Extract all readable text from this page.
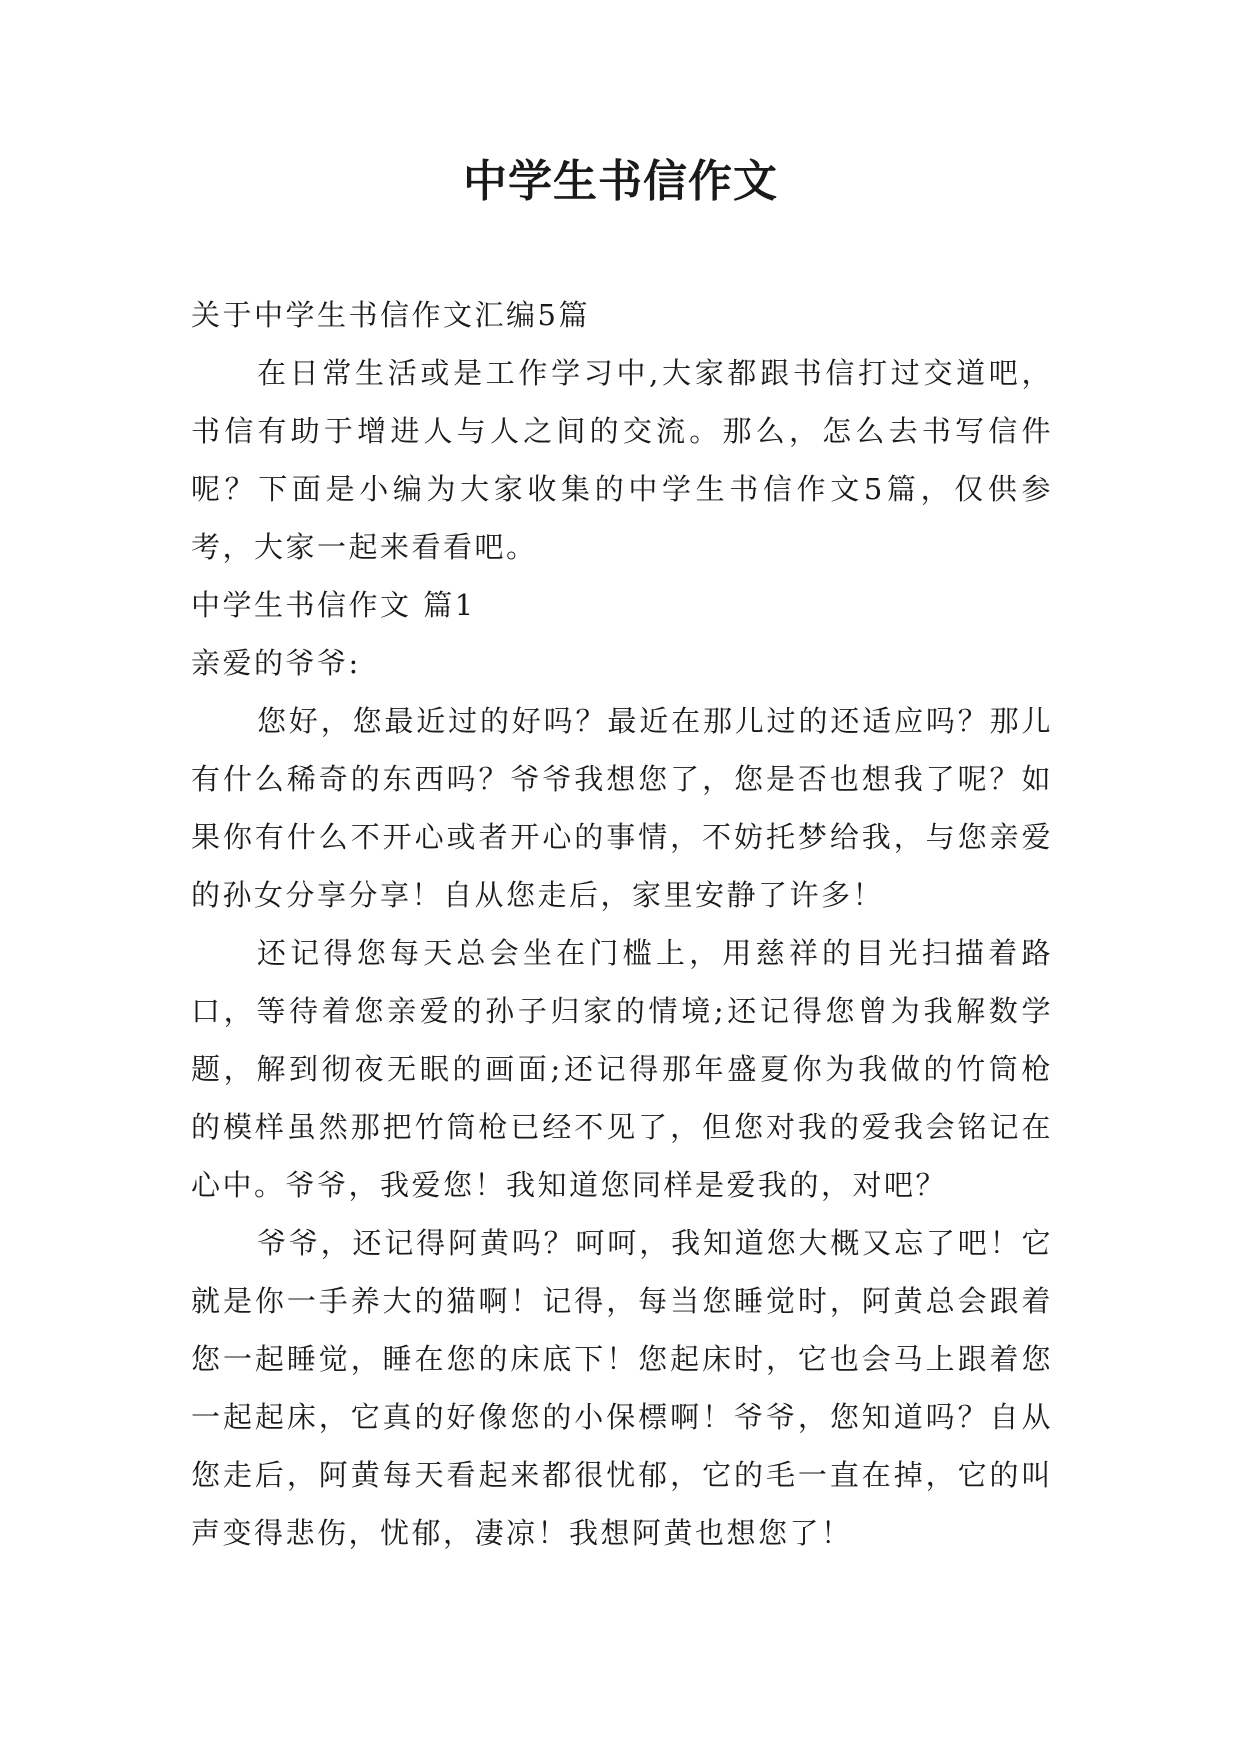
中学生书信作文

关于中学生书信作文汇编5篇

在日常生活或是工作学习中,大家都跟书信打过交道吧，书信有助于增进人与人之间的交流。那么，怎么去书写信件呢？下面是小编为大家收集的中学生书信作文5篇，仅供参考，大家一起来看看吧。

中学生书信作文 篇1

亲爱的爷爷:

您好，您最近过的好吗？最近在那儿过的还适应吗？那儿有什么稀奇的东西吗？爷爷我想您了，您是否也想我了呢？如果你有什么不开心或者开心的事情，不妨托梦给我，与您亲爱的孙女分享分享！自从您走后，家里安静了许多！

还记得您每天总会坐在门槛上，用慈祥的目光扫描着路口，等待着您亲爱的孙子归家的情境;还记得您曾为我解数学题，解到彻夜无眠的画面;还记得那年盛夏你为我做的竹筒枪的模样虽然那把竹筒枪已经不见了，但您对我的爱我会铭记在心中。爷爷，我爱您！我知道您同样是爱我的，对吧？

爷爷，还记得阿黄吗？呵呵，我知道您大概又忘了吧！它就是你一手养大的猫啊！记得，每当您睡觉时，阿黄总会跟着您一起睡觉，睡在您的床底下！您起床时，它也会马上跟着您一起起床，它真的好像您的小保標啊！爷爷，您知道吗？自从您走后，阿黄每天看起来都很忧郁，它的毛一直在掉，它的叫声变得悲伤，忧郁，凄凉！我想阿黄也想您了！
